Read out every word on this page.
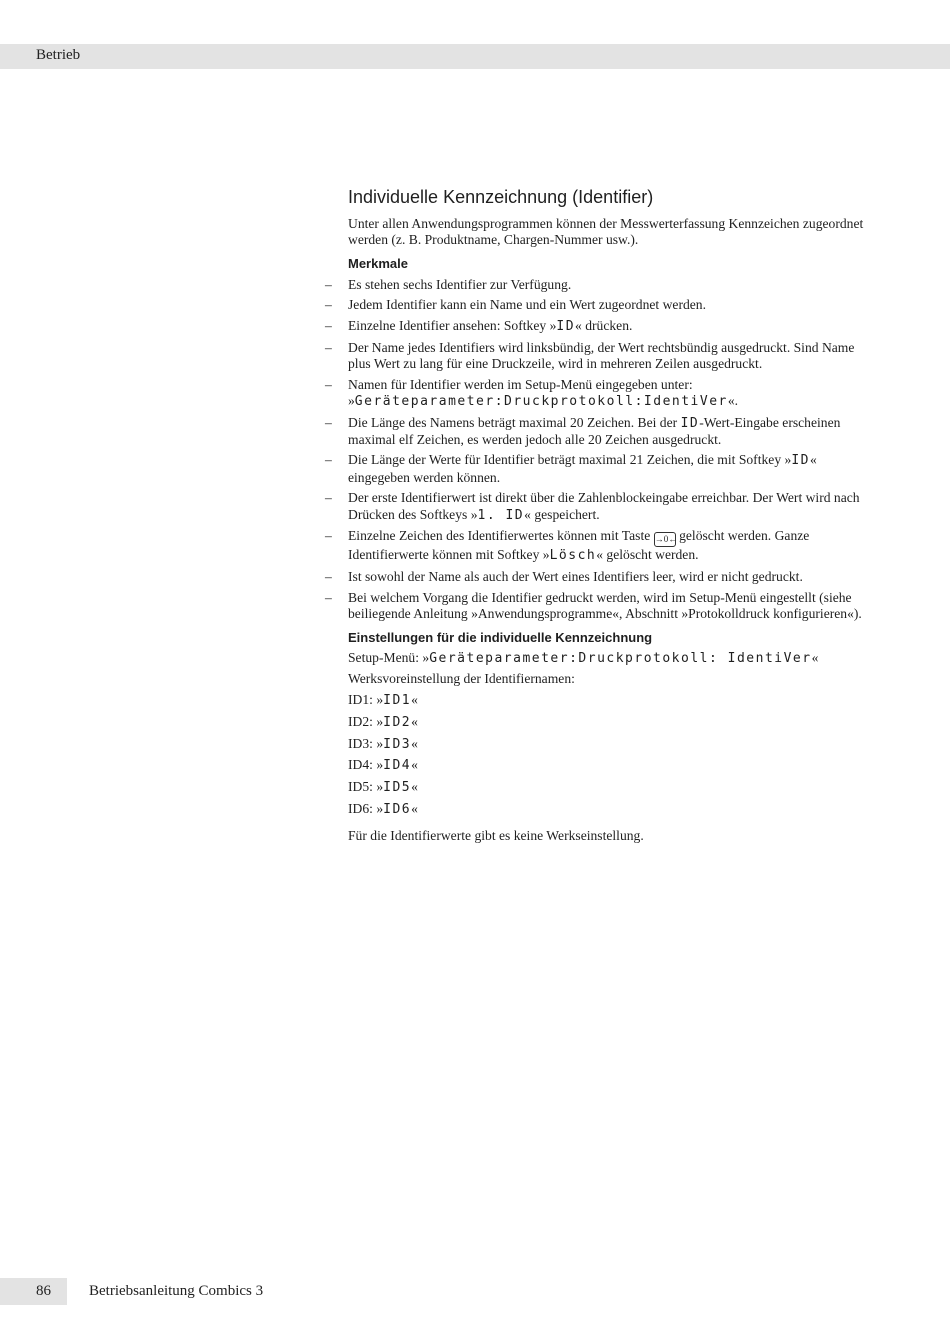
Betrieb
Individuelle Kennzeichnung (Identifier)

Unter allen Anwendungsprogrammen können der Messwerterfassung Kennzeichen zugeordnet werden (z. B. Produktname, Chargen-Nummer usw.).

Merkmale
– Es stehen sechs Identifier zur Verfügung.
– Jedem Identifier kann ein Name und ein Wert zugeordnet werden.
– Einzelne Identifier ansehen: Softkey »ID« drücken.
– Der Name jedes Identifiers wird linksbündig, der Wert rechtsbündig ausgedruckt. Sind Name plus Wert zu lang für eine Druckzeile, wird in mehreren Zeilen ausgedruckt.
– Namen für Identifier werden im Setup-Menü eingegeben unter: »Geräteparameter:Druckprotokoll:IdentiVer«.
– Die Länge des Namens beträgt maximal 20 Zeichen. Bei der ID-Wert-Eingabe erscheinen maximal elf Zeichen, es werden jedoch alle 20 Zeichen ausgedruckt.
– Die Länge der Werte für Identifier beträgt maximal 21 Zeichen, die mit Softkey »ID« eingegeben werden können.
– Der erste Identifierwert ist direkt über die Zahlenblockeingabe erreichbar. Der Wert wird nach Drücken des Softkeys »1. ID« gespeichert.
– Einzelne Zeichen des Identifierwertes können mit Taste →0← gelöscht werden. Ganze Identifierwerte können mit Softkey »Lösch« gelöscht werden.
– Ist sowohl der Name als auch der Wert eines Identifiers leer, wird er nicht gedruckt.
– Bei welchem Vorgang die Identifier gedruckt werden, wird im Setup-Menü eingestellt (siehe beiliegende Anleitung »Anwendungsprogramme«, Abschnitt »Protokolldruck konfigurieren«).
Einstellungen für die individuelle Kennzeichnung
Setup-Menü: »Geräteparameter:Druckprotokoll: IdentiVer«
Werksvoreinstellung der Identifiernamen:
ID1: »ID1«
ID2: »ID2«
ID3: »ID3«
ID4: »ID4«
ID5: »ID5«
ID6: »ID6«

Für die Identifierwerte gibt es keine Werkseinstellung.

86	Betriebsanleitung Combics 3
